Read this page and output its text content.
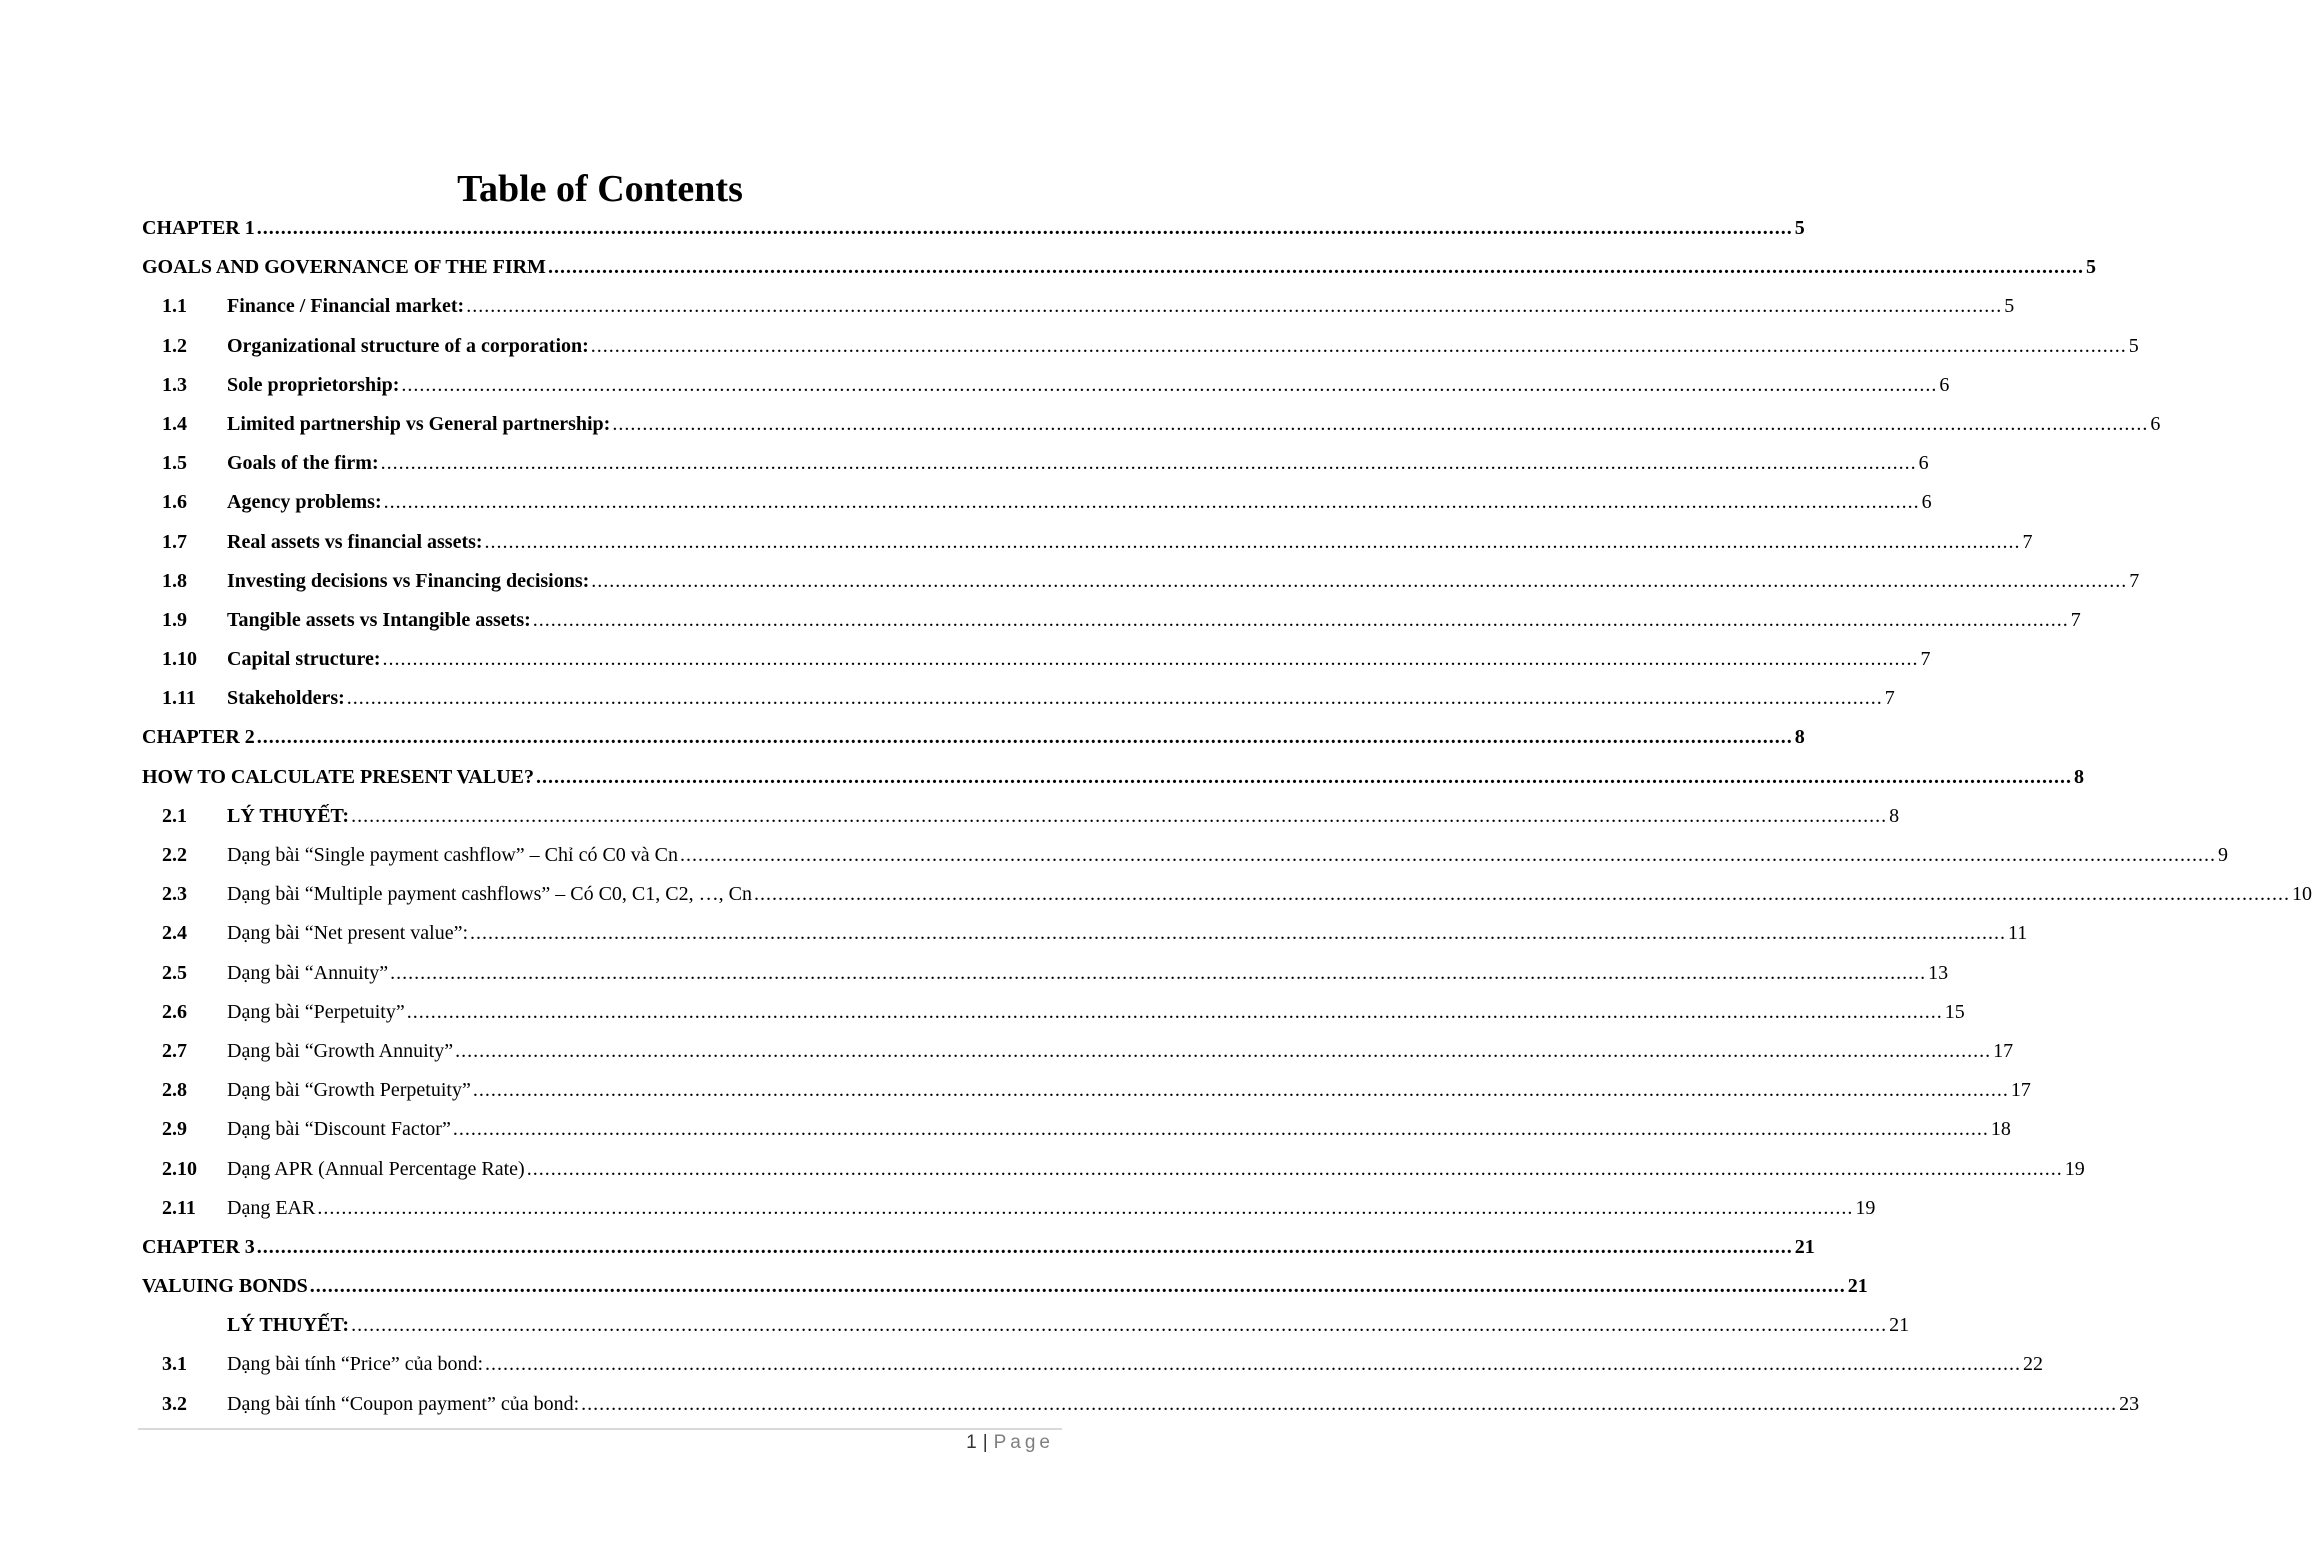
Table of Contents
CHAPTER 1 .....	5
GOALS AND GOVERNANCE OF THE FIRM .....	5
1.1	Finance / Financial market: .....	5
1.2	Organizational structure of a corporation: .....	5
1.3	Sole proprietorship: .....	6
1.4	Limited partnership vs General partnership: .....	6
1.5	Goals of the firm: .....	6
1.6	Agency problems: .....	6
1.7	Real assets vs financial assets: .....	7
1.8	Investing decisions vs Financing decisions: .....	7
1.9	Tangible assets vs Intangible assets: .....	7
1.10	Capital structure: .....	7
1.11	Stakeholders: .....	7
CHAPTER 2 .....	8
HOW TO CALCULATE PRESENT VALUE? .....	8
2.1	LÝ THUYẾT: .....	8
2.2	Dạng bài “Single payment cashflow” – Chỉ có C0 và Cn .....	9
2.3	Dạng bài “Multiple payment cashflows” – Có C0, C1, C2, …, Cn .....	10
2.4	Dạng bài “Net present value”: .....	11
2.5	Dạng bài “Annuity” .....	13
2.6	Dạng bài “Perpetuity” .....	15
2.7	Dạng bài “Growth Annuity” .....	17
2.8	Dạng bài “Growth Perpetuity” .....	17
2.9	Dạng bài “Discount Factor” .....	18
2.10	Dạng APR (Annual Percentage Rate) .....	19
2.11	Dạng EAR .....	19
CHAPTER 3 .....	21
VALUING BONDS .....	21
LÝ THUYẾT: .....	21
3.1	Dạng bài tính “Price” của bond: .....	22
3.2	Dạng bài tính “Coupon payment” của bond: .....	23
1 | Page
